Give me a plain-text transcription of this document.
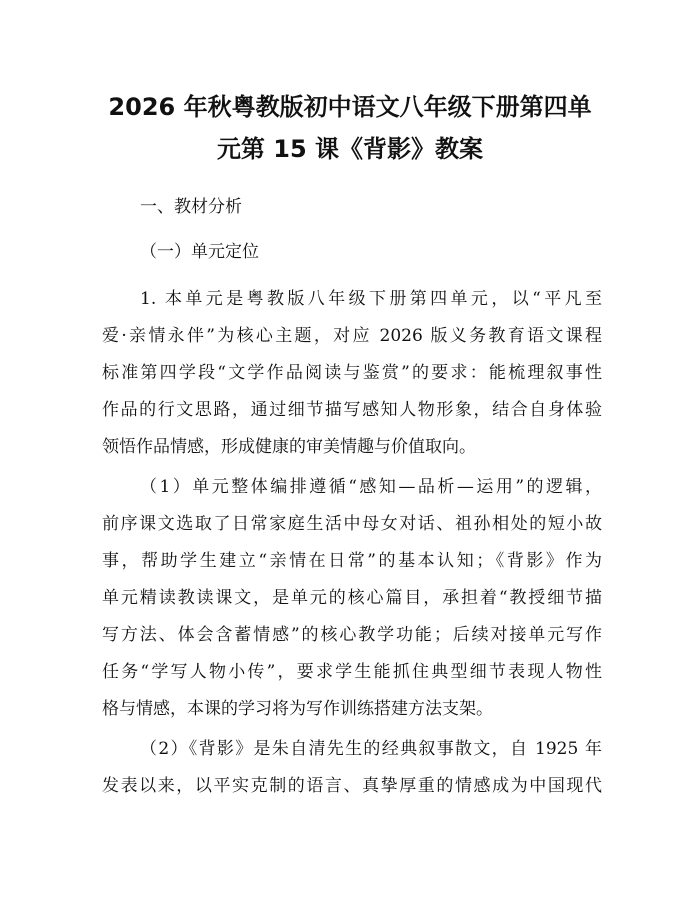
2026 年秋粤教版初中语文八年级下册第四单
元第 15 课《背影》教案

一、教材分析

（一）单元定位

1. 本单元是粤教版八年级下册第四单元，以“平凡至
爱·亲情永伴”为核心主题，对应 2026 版义务教育语文课程
标准第四学段“文学作品阅读与鉴赏”的要求：能梳理叙事性
作品的行文思路，通过细节描写感知人物形象，结合自身体验
领悟作品情感，形成健康的审美情趣与价值取向。

（1）单元整体编排遵循“感知—品析—运用”的逻辑，
前序课文选取了日常家庭生活中母女对话、祖孙相处的短小故
事，帮助学生建立“亲情在日常”的基本认知；《背影》作为
单元精读教读课文，是单元的核心篇目，承担着“教授细节描
写方法、体会含蓄情感”的核心教学功能；后续对接单元写作
任务“学写人物小传”，要求学生能抓住典型细节表现人物性
格与情感，本课的学习将为写作训练搭建方法支架。

（2）《背影》是朱自清先生的经典叙事散文，自 1925 年
发表以来，以平实克制的语言、真挚厚重的情感成为中国现代
